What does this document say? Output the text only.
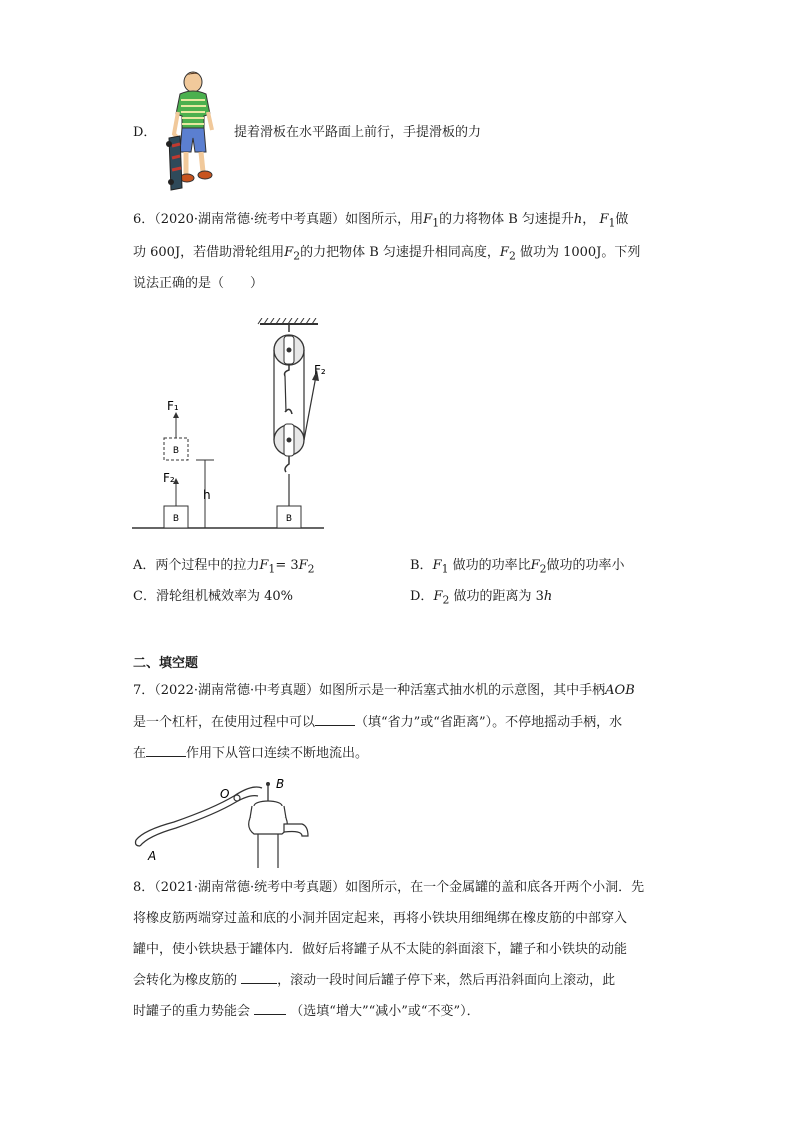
D．	提着滑板在水平路面上前行，手提滑板的力
6．（2020·湖南常德·统考中考真题）如图所示，用$F_1$的力将物体 B 匀速提升h， $F_1$做
功 600J，若借助滑轮组用$F_2$的力把物体 B 匀速提升相同高度，$F_2$ 做功为 1000J。下列
说法正确的是（　　）
B
F₂
B
F₁
h
F₂
B
A．两个过程中的拉力$F_1= 3F_2$	B．$F_1$ 做功的功率比$F_2$做功的功率小
C．滑轮组机械效率为 40%	D．$F_2$ 做功的距离为 3h
二、填空题
7．（2022·湖南常德·中考真题）如图所示是一种活塞式抽水机的示意图，其中手柄AOB
是一个杠杆，在使用过程中可以	（填“省力”或“省距离”）。不停地摇动手柄，水
在	作用下从管口连续不断地流出。
O
B
A
8．（2021·湖南常德·统考中考真题）如图所示，在一个金属罐的盖和底各开两个小洞．先
将橡皮筋两端穿过盖和底的小洞并固定起来，再将小铁块用细绳绑在橡皮筋的中部穿入
罐中，使小铁块悬于罐体内．做好后将罐子从不太陡的斜面滚下，罐子和小铁块的动能
会转化为橡皮筋的	，滚动一段时间后罐子停下来，然后再沿斜面向上滚动，此
时罐子的重力势能会	（选填“增大”“减小”或“不变”）．
